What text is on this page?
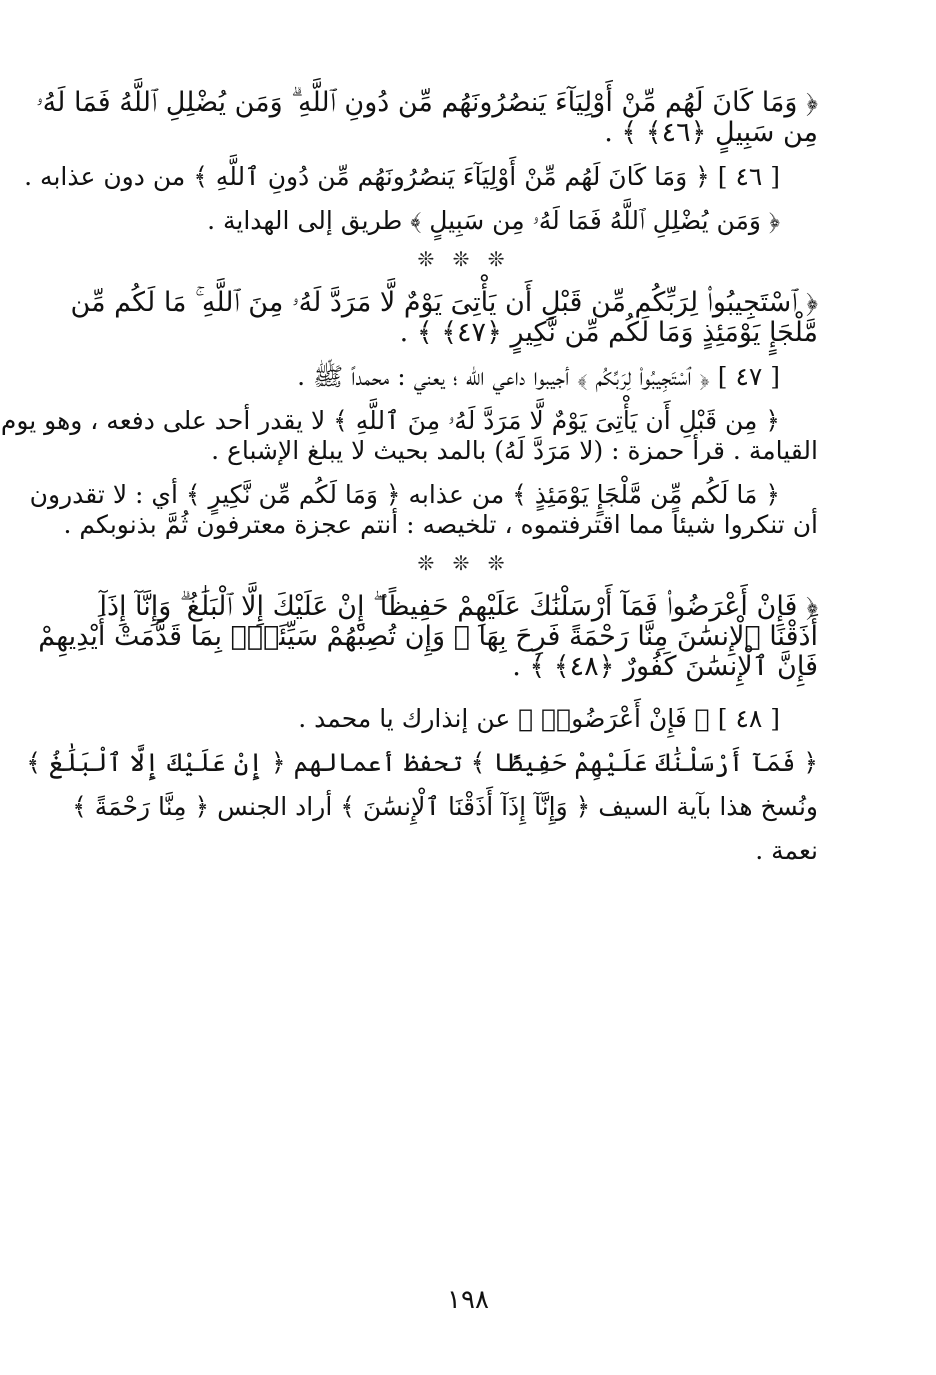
﴿ وَمَا كَانَ لَهُم مِّنْ أَوْلِيَآءَ يَنصُرُونَهُم مِّن دُونِ ٱللَّهِ ۗ وَمَن يُضْلِلِ ٱللَّهُ فَمَا لَهُۥ
مِن سَبِيلٍ ﴿٤٦﴾ ﴾ .
[ ٤٦ ] ﴿ وَمَا كَانَ لَهُم مِّنْ أَوْلِيَآءَ يَنصُرُونَهُم مِّن دُونِ ٱللَّهِ ﴾ من دون عذابه .
﴿ وَمَن يُضْلِلِ ٱللَّهُ فَمَا لَهُۥ مِن سَبِيلٍ ﴾ طريق إلى الهداية .
❊ ❊ ❊
﴿ ٱسْتَجِيبُوا۟ لِرَبِّكُم مِّن قَبْلِ أَن يَأْتِىَ يَوْمٌ لَّا مَرَدَّ لَهُۥ مِنَ ٱللَّهِ ۚ مَا لَكُم مِّن
مَّلْجَإٍ يَوْمَئِذٍ وَمَا لَكُم مِّن نَّكِيرٍ ﴿٤٧﴾ ﴾ .
[ ٤٧ ] ﴿ ٱسْتَجِيبُوا۟ لِرَبِّكُم ﴾ أجيبوا داعي الله ؛ يعني : محمداً ﷺ .
﴿ مِن قَبْلِ أَن يَأْتِىَ يَوْمٌ لَّا مَرَدَّ لَهُۥ مِنَ ٱللَّهِ ﴾ لا يقدر أحد على دفعه ، وهو يوم
القيامة . قرأ حمزة : (لا مَرَدَّ لَهُ) بالمد بحيث لا يبلغ الإشباع .
﴿ مَا لَكُم مِّن مَّلْجَإٍ يَوْمَئِذٍ ﴾ من عذابه ﴿ وَمَا لَكُم مِّن نَّكِيرٍ ﴾ أي : لا تقدرون
أن تنكروا شيئاً مما اقترفتموه ، تلخيصه : أنتم عجزة معترفون ثُمَّ بذنوبكم .
❊ ❊ ❊
﴿ فَإِنْ أَعْرَضُوا۟ فَمَآ أَرْسَلْنَٰكَ عَلَيْهِمْ حَفِيظًا ۖ إِنْ عَلَيْكَ إِلَّا ٱلْبَلَٰغُ ۗ وَإِنَّآ إِذَآ
أَذَقْنَا ٱلْإِنسَٰنَ مِنَّا رَحْمَةً فَرِحَ بِهَا ۖ وَإِن تُصِبْهُمْ سَيِّئَةٌۢ بِمَا قَدَّمَتْ أَيْدِيهِمْ
فَإِنَّ ٱلْإِنسَٰنَ كَفُورٌ ﴿٤٨﴾ ﴾ .
[ ٤٨ ] ﴿ فَإِنْ أَعْرَضُوا۟ ﴾ عن إنذارك يا محمد .
﴿ فَمَآ أَرْسَلْنَٰكَ عَلَيْهِمْ حَفِيظًا ﴾ تحفظ أعمالهم ﴿ إِنْ عَلَيْكَ إِلَّا ٱلْبَلَٰغُ ﴾
ونُسخ هذا بآية السيف ﴿ وَإِنَّآ إِذَآ أَذَقْنَا ٱلْإِنسَٰنَ ﴾ أراد الجنس ﴿ مِنَّا رَحْمَةً ﴾
نعمة .
١٩٨
